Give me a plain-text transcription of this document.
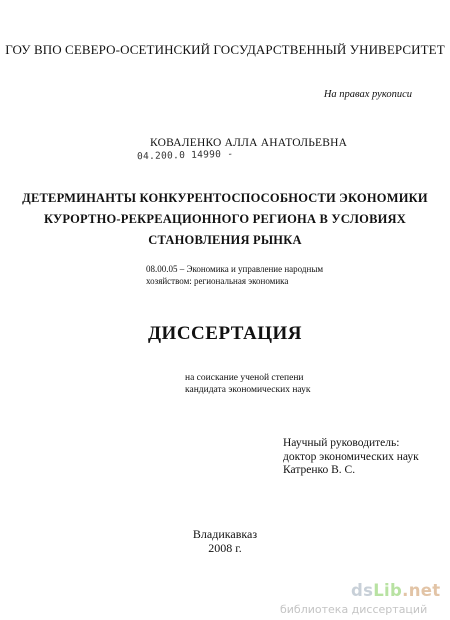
ГОУ ВПО СЕВЕРО-ОСЕТИНСКИЙ ГОСУДАРСТВЕННЫЙ УНИВЕРСИТЕТ
На правах рукописи
КОВАЛЕНКО АЛЛА АНАТОЛЬЕВНА
04.200.0 14990 -
ДЕТЕРМИНАНТЫ КОНКУРЕНТОСПОСОБНОСТИ ЭКОНОМИКИ
КУРОРТНО-РЕКРЕАЦИОННОГО РЕГИОНА В УСЛОВИЯХ
СТАНОВЛЕНИЯ РЫНКА
08.00.05 – Экономика и управление народным
хозяйством: региональная экономика
ДИССЕРТАЦИЯ
на соискание ученой степени
кандидата экономических наук
Научный руководитель:
доктор экономических наук
Катренко В. С.
Владикавказ
2008 г.
dsLib.net
библиотека диссертаций
